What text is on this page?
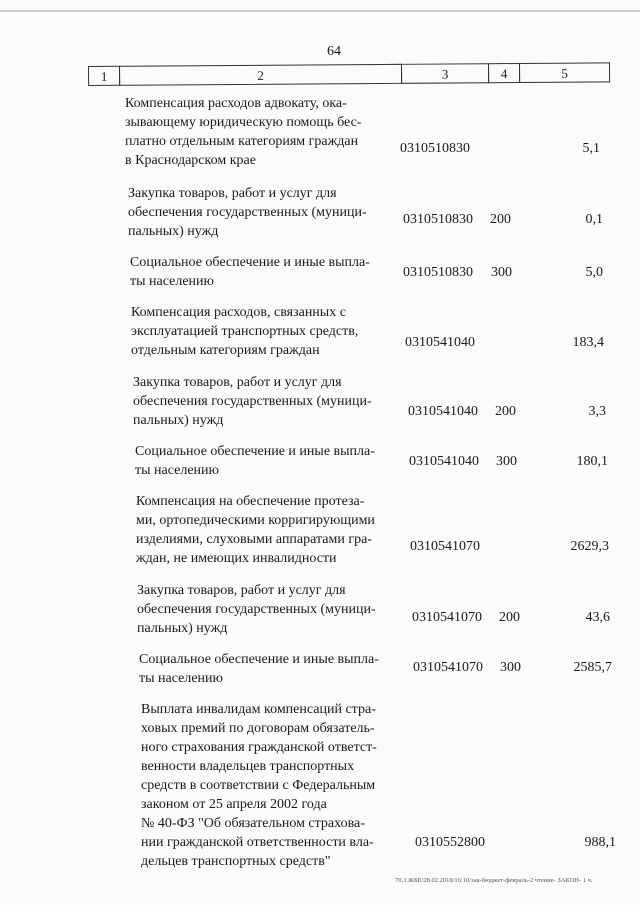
64
1	2	3	4	5
Компенсация расходов адвокату, ока-
зывающему юридическую помощь бес-
платно отдельным категориям граждан
в Краснодарском крае
0310510830	5,1
Закупка товаров, работ и услуг для
обеспечения государственных (муници-
пальных) нужд
0310510830 200	0,1
Социальное обеспечение и иные выпла-
ты населению
0310510830 300	5,0
Компенсация расходов, связанных с
эксплуатацией транспортных средств,
отдельным категориям граждан
0310541040	183,4
Закупка товаров, работ и услуг для
обеспечения государственных (муници-
пальных) нужд
0310541040 200	3,3
Социальное обеспечение и иные выпла-
ты населению
0310541040 300	180,1
Компенсация на обеспечение протеза-
ми, ортопедическими корригирующими
изделиями, слуховыми аппаратами гра-
ждан, не имеющих инвалидности
0310541070	2629,3
Закупка товаров, работ и услуг для
обеспечения государственных (муници-
пальных) нужд
0310541070 200	43,6
Социальное обеспечение и иные выпла-
ты населению
0310541070 300	2585,7
Выплата инвалидам компенсаций стра-
ховых премий по договорам обязатель-
ного страхования гражданской ответст-
венности владельцев транспортных
средств в соответствии с Федеральным
законом от 25 апреля 2002 года
№ 40-ФЗ "Об обязательном страхова-
нии гражданской ответственности вла-
дельцев транспортных средств"
0310552800	988,1
70.3.ЖБЕ/28.02.2018/16:10/зак-бюджет-февраль-2 чтение- ЗАКОН- 1 ч.
